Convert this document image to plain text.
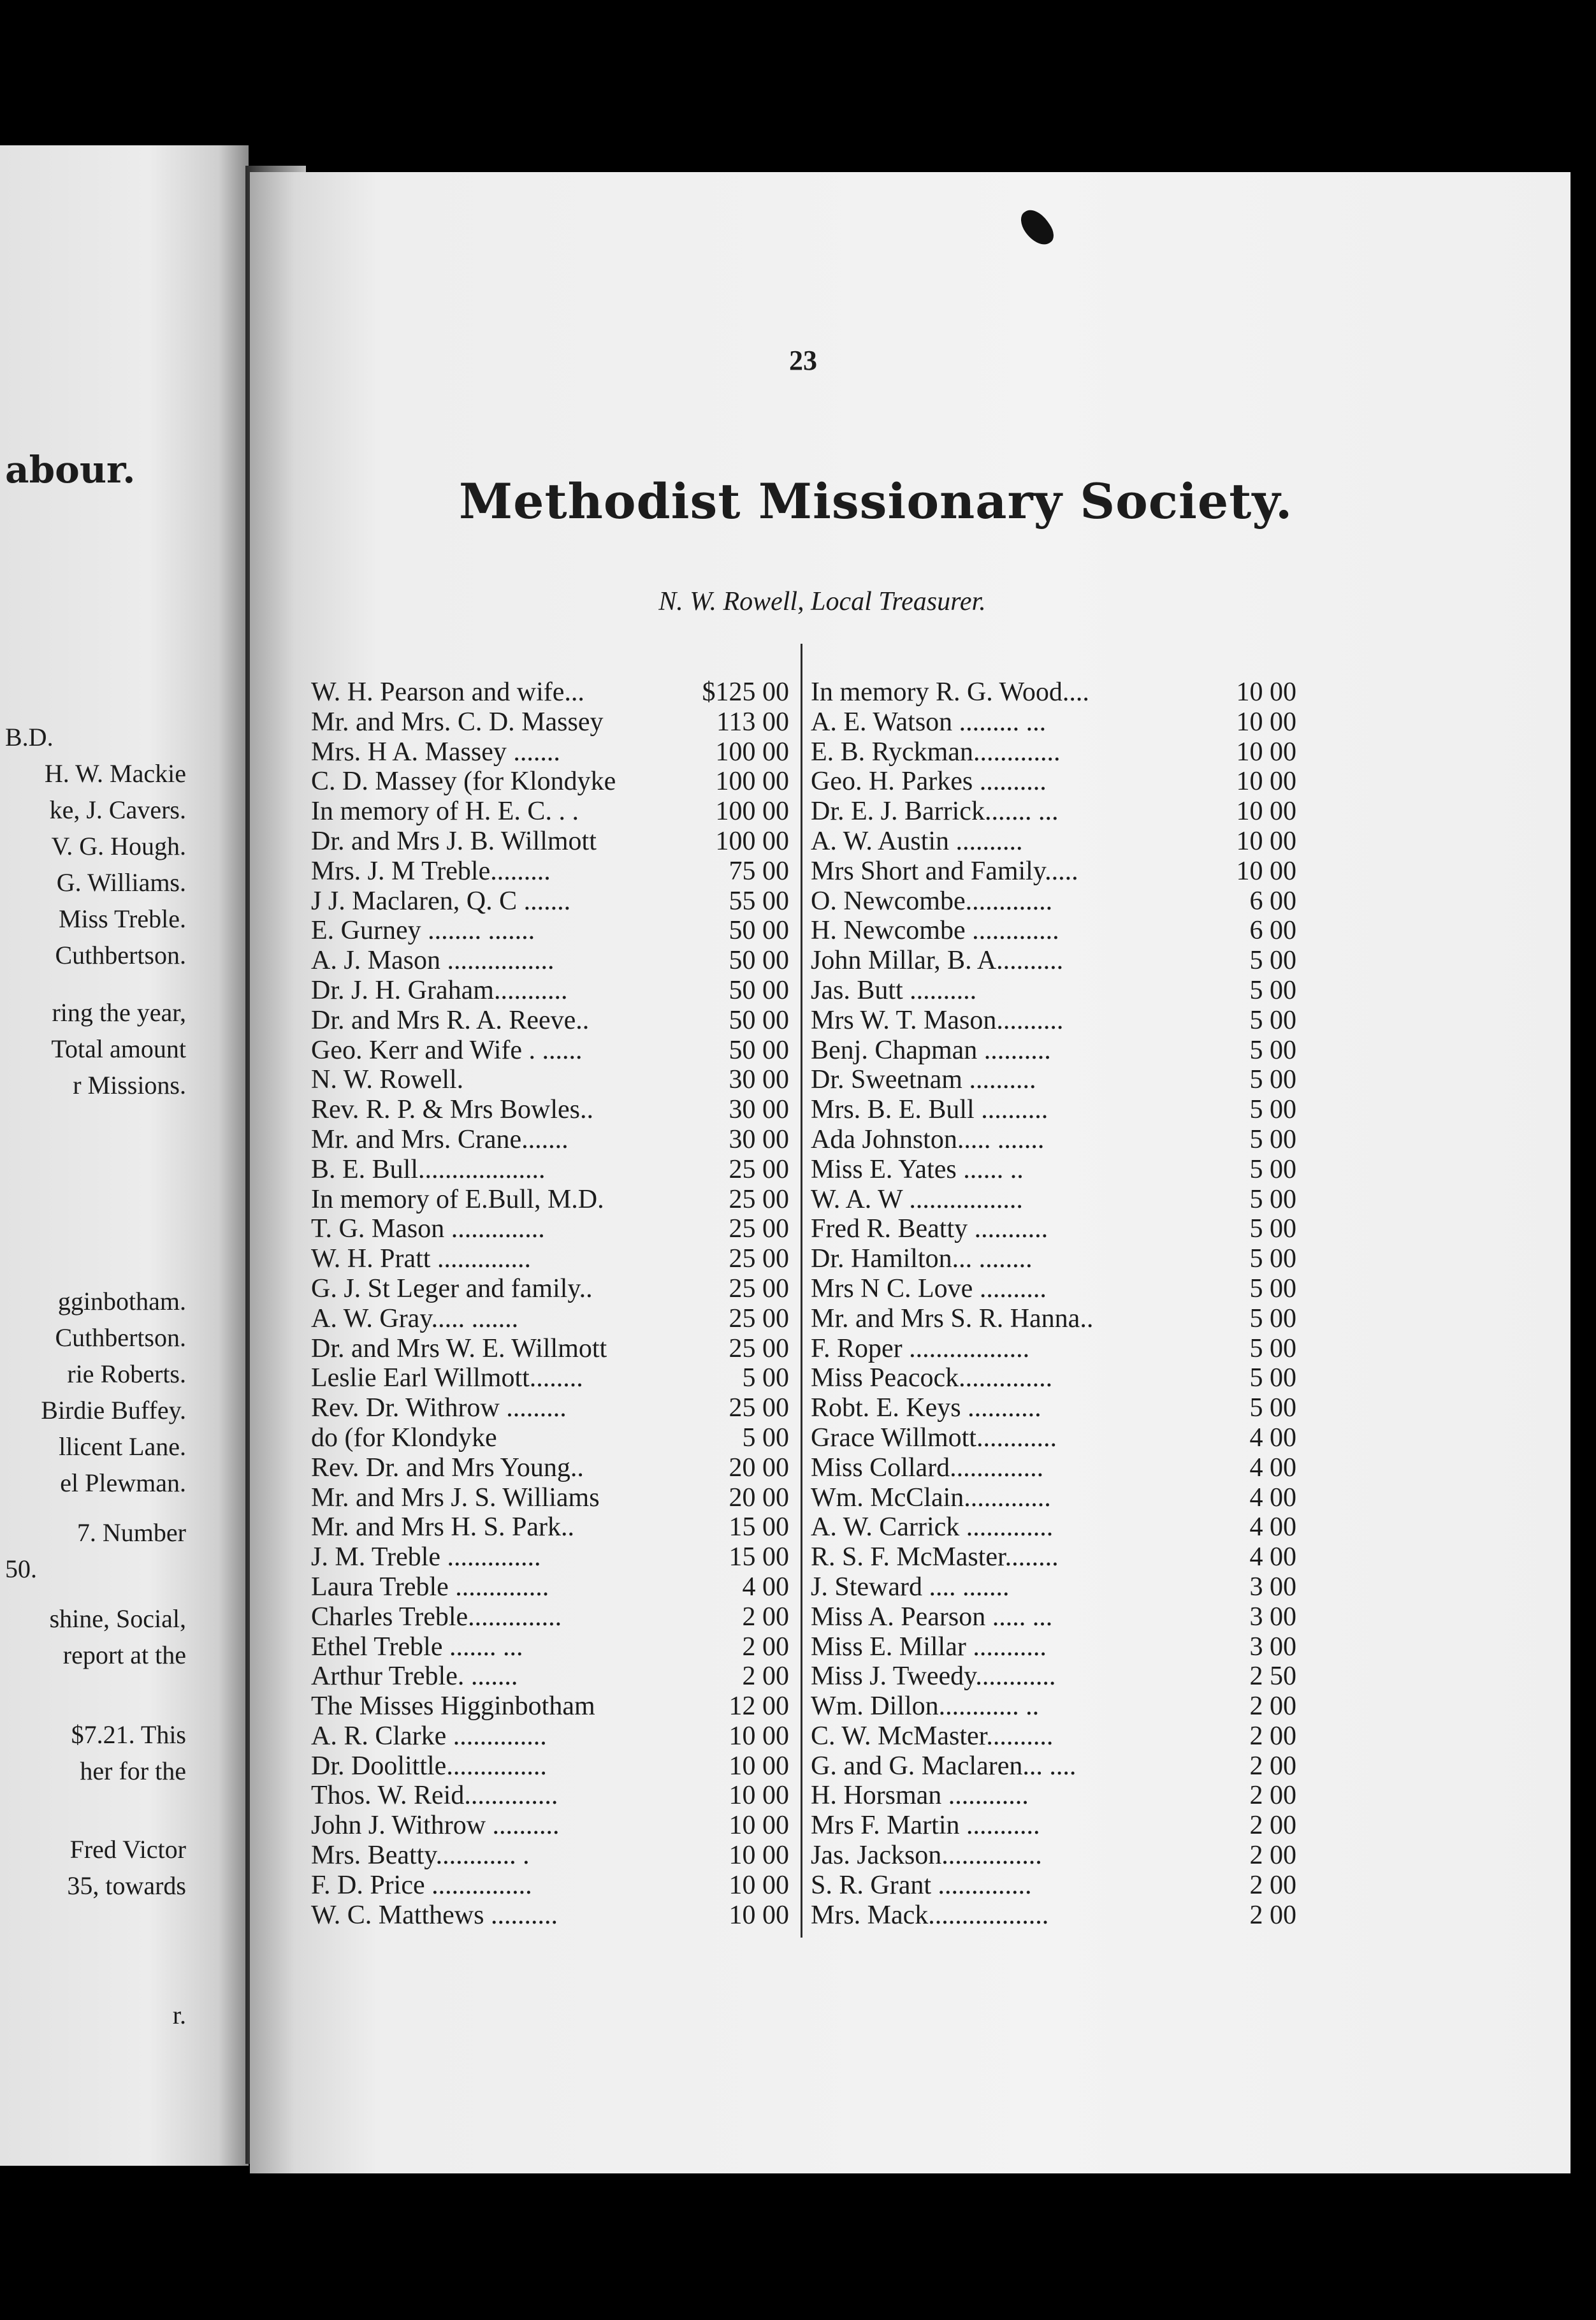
abour.
B.D.
H. W. Mackie
ke, J. Cavers.
V. G. Hough.
G. Williams.
Miss Treble.
Cuthbertson.
ring the year,
Total amount
r Missions.
gginbotham.
Cuthbertson.
rie Roberts.
Birdie Buffey.
llicent Lane.
el Plewman.
7. Number
50.
shine, Social,
report at the
$7.21. This
her for the
Fred Victor
35, towards
r.
23
Methodist Missionary Society.
N. W. Rowell, Local Treasurer.
W. H. Pearson and wife...	$125 00
Mr. and Mrs. C. D. Massey	113 00
Mrs. H A. Massey .......	100 00
C. D. Massey (for Klondyke	100 00
In memory of H. E. C. . .	100 00
Dr. and Mrs J. B. Willmott	100 00
Mrs. J. M Treble.........	75 00
J J. Maclaren, Q. C .......	55 00
E. Gurney ........ .......	50 00
A. J. Mason ................	50 00
Dr. J. H. Graham...........	50 00
Dr. and Mrs R. A. Reeve..	50 00
Geo. Kerr and Wife . ......	50 00
N. W. Rowell.	30 00
Rev. R. P. & Mrs Bowles..	30 00
Mr. and Mrs. Crane.......	30 00
B. E. Bull...................	25 00
In memory of E.Bull, M.D.	25 00
T. G. Mason ..............	25 00
W. H. Pratt ..............	25 00
G. J. St Leger and family..	25 00
A. W. Gray..... .......	25 00
Dr. and Mrs W. E. Willmott	25 00
Leslie Earl Willmott........	5 00
Rev. Dr. Withrow .........	25 00
do (for Klondyke	5 00
Rev. Dr. and Mrs Young..	20 00
Mr. and Mrs J. S. Williams	20 00
Mr. and Mrs H. S. Park..	15 00
J. M. Treble ..............	15 00
Laura Treble ..............	4 00
Charles Treble..............	2 00
Ethel Treble ....... ...	2 00
Arthur Treble. .......	2 00
The Misses Higginbotham	12 00
A. R. Clarke ..............	10 00
Dr. Doolittle...............	10 00
Thos. W. Reid..............	10 00
John J. Withrow ..........	10 00
Mrs. Beatty............ .	10 00
F. D. Price ...............	10 00
W. C. Matthews ..........	10 00
In memory R. G. Wood....	10 00
A. E. Watson ......... ...	10 00
E. B. Ryckman.............	10 00
Geo. H. Parkes ..........	10 00
Dr. E. J. Barrick....... ...	10 00
A. W. Austin ..........	10 00
Mrs Short and Family.....	10 00
O. Newcombe.............	6 00
H. Newcombe .............	6 00
John Millar, B. A..........	5 00
Jas. Butt ..........	5 00
Mrs W. T. Mason..........	5 00
Benj. Chapman ..........	5 00
Dr. Sweetnam ..........	5 00
Mrs. B. E. Bull ..........	5 00
Ada Johnston..... .......	5 00
Miss E. Yates ...... ..	5 00
W. A. W .................	5 00
Fred R. Beatty ...........	5 00
Dr. Hamilton... ........	5 00
Mrs N C. Love ..........	5 00
Mr. and Mrs S. R. Hanna..	5 00
F. Roper ..................	5 00
Miss Peacock..............	5 00
Robt. E. Keys ...........	5 00
Grace Willmott............	4 00
Miss Collard..............	4 00
Wm. McClain.............	4 00
A. W. Carrick .............	4 00
R. S. F. McMaster........	4 00
J. Steward .... .......	3 00
Miss A. Pearson ..... ...	3 00
Miss E. Millar ...........	3 00
Miss J. Tweedy............	2 50
Wm. Dillon............ ..	2 00
C. W. McMaster..........	2 00
G. and G. Maclaren... ....	2 00
H. Horsman ............	2 00
Mrs F. Martin ...........	2 00
Jas. Jackson...............	2 00
S. R. Grant ..............	2 00
Mrs. Mack..................	2 00
